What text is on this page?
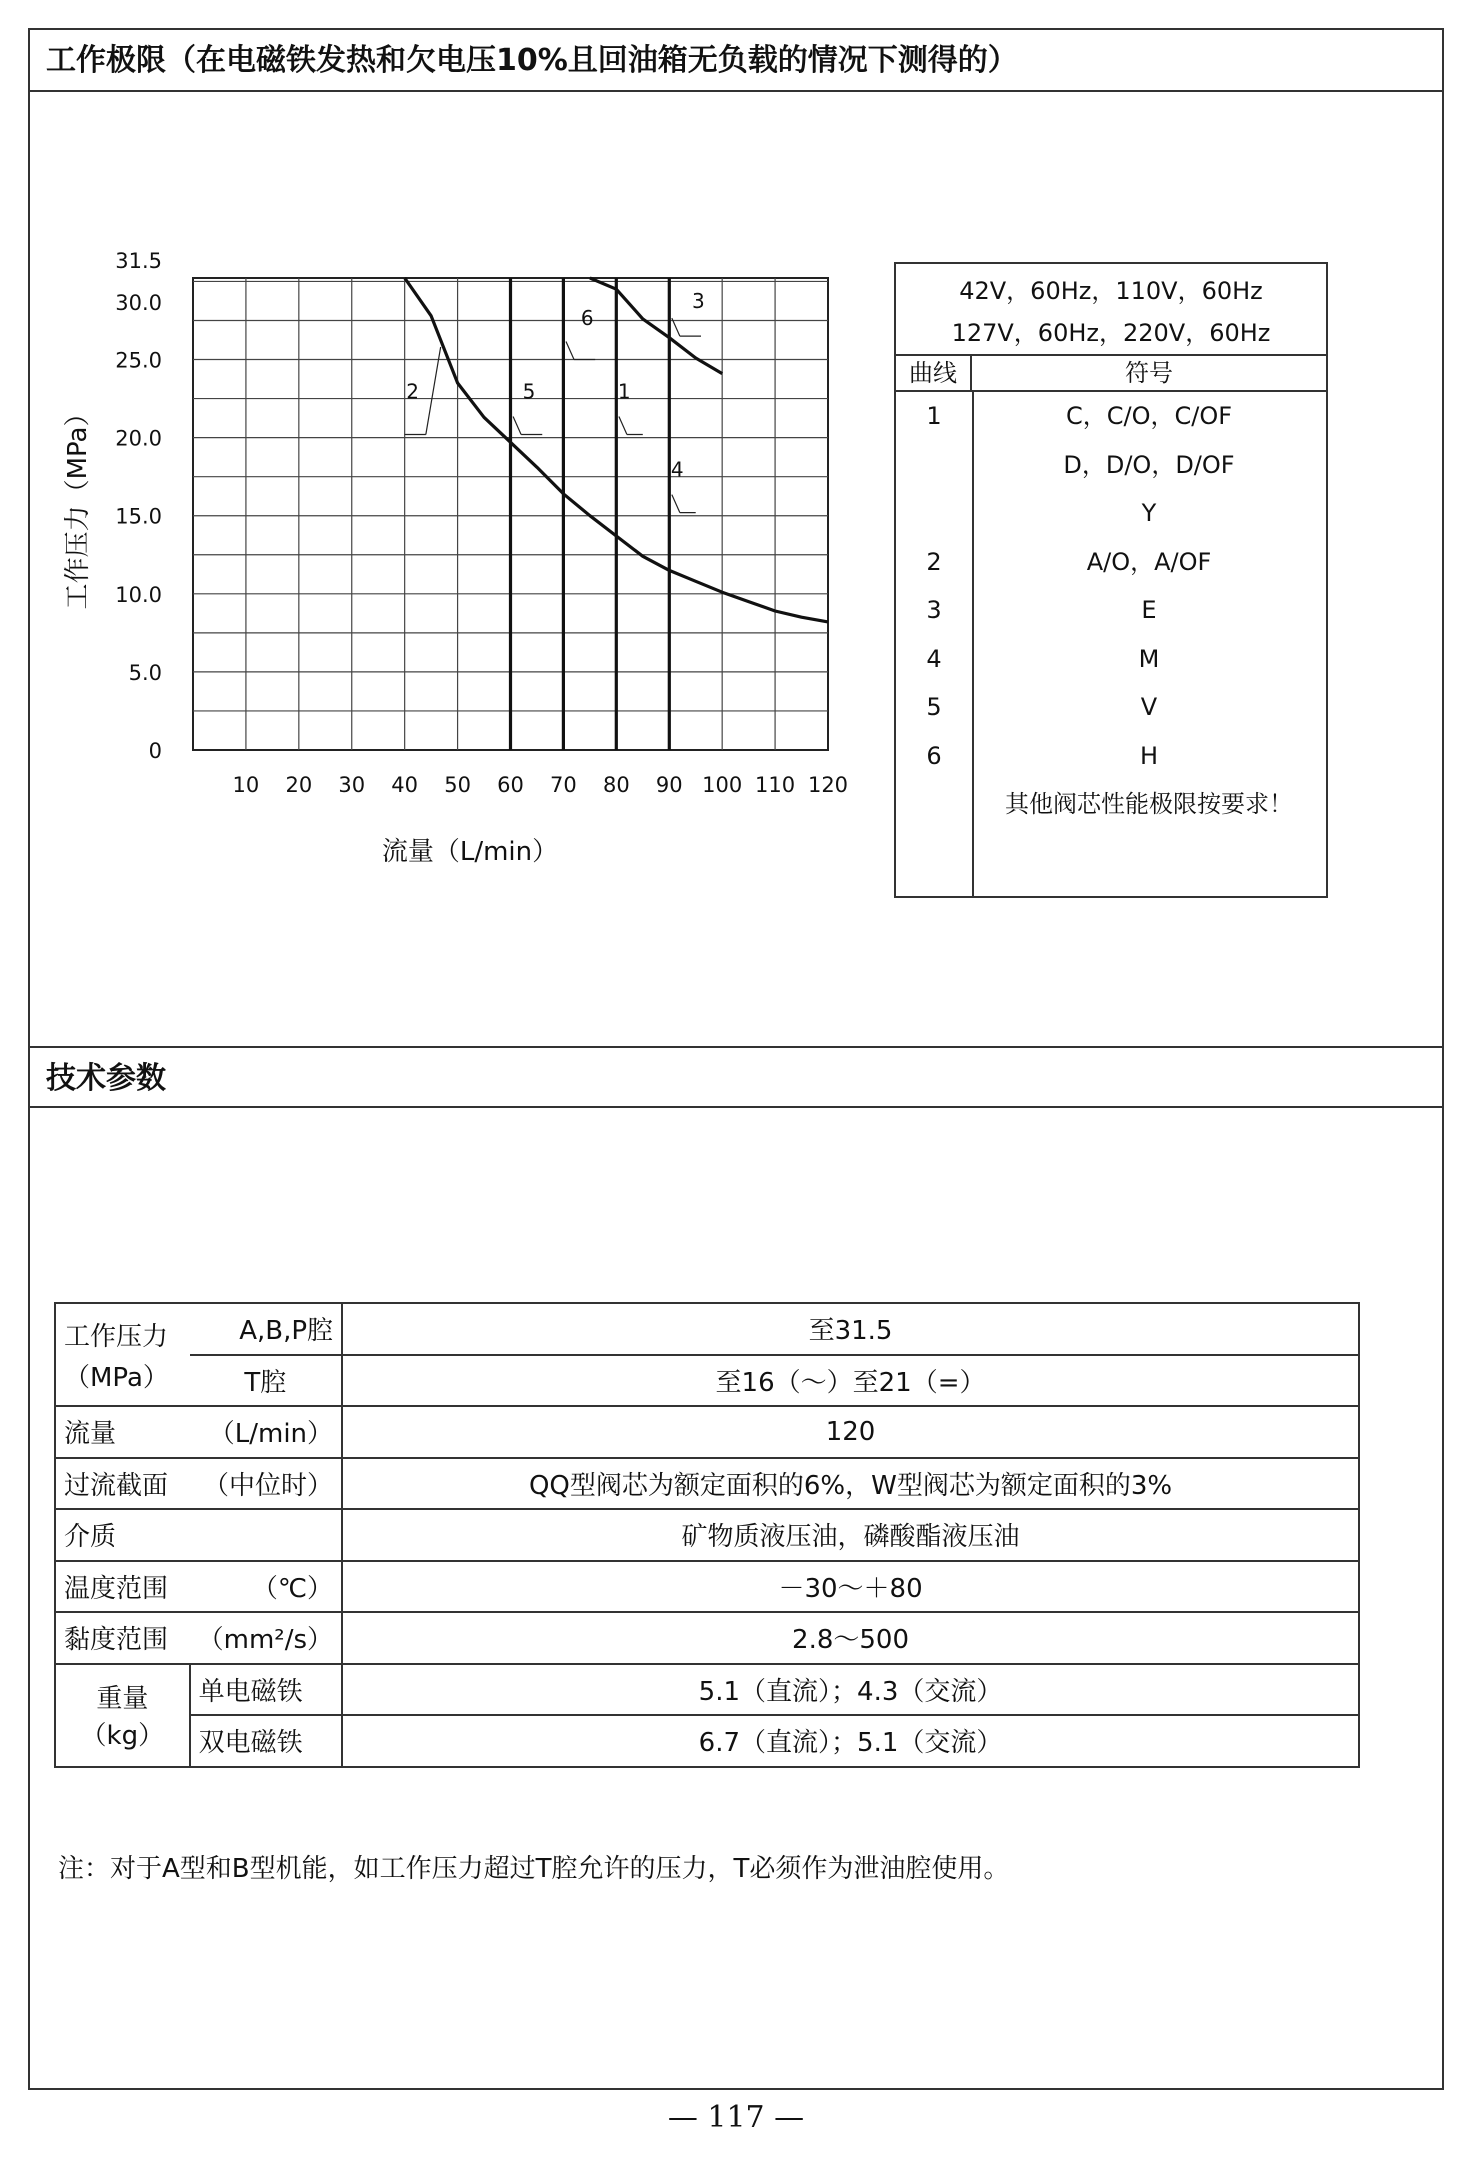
工作极限（在电磁铁发热和欠电压10%且回油箱无负载的情况下测得的）
技术参数
10 20 30 40 50 60 70 80 90 100 110 120
0
5.0
10.0
15.0
20.0
25.0
30.0
31.5
1
2
3
4
5
6
流量（L/min）
工作压力（MPa）
42V，60Hz，110V，60Hz
127V，60Hz，220V，60Hz
曲线	符号
1	C，C/O，C/OF
D，D/O，D/OF
Y
2	A/O，A/OF
3	E
4	M
5	V
6	H
其他阀芯性能极限按要求！
工作压力	A,B,P腔	至31.5
（MPa）	T腔	至16（～）至21（=）
流量	（L/min）	120
过流截面	（中位时）	QQ型阀芯为额定面积的6%，W型阀芯为额定面积的3%
介质		矿物质液压油，磷酸酯液压油
温度范围	（℃）	－30～＋80
黏度范围	（mm²/s）	2.8～500
重量	单电磁铁	5.1（直流）；4.3（交流）
（kg）	双电磁铁	6.7（直流）；5.1（交流）
注：对于A型和B型机能，如工作压力超过T腔允许的压力，T必须作为泄油腔使用。
— 117 —
